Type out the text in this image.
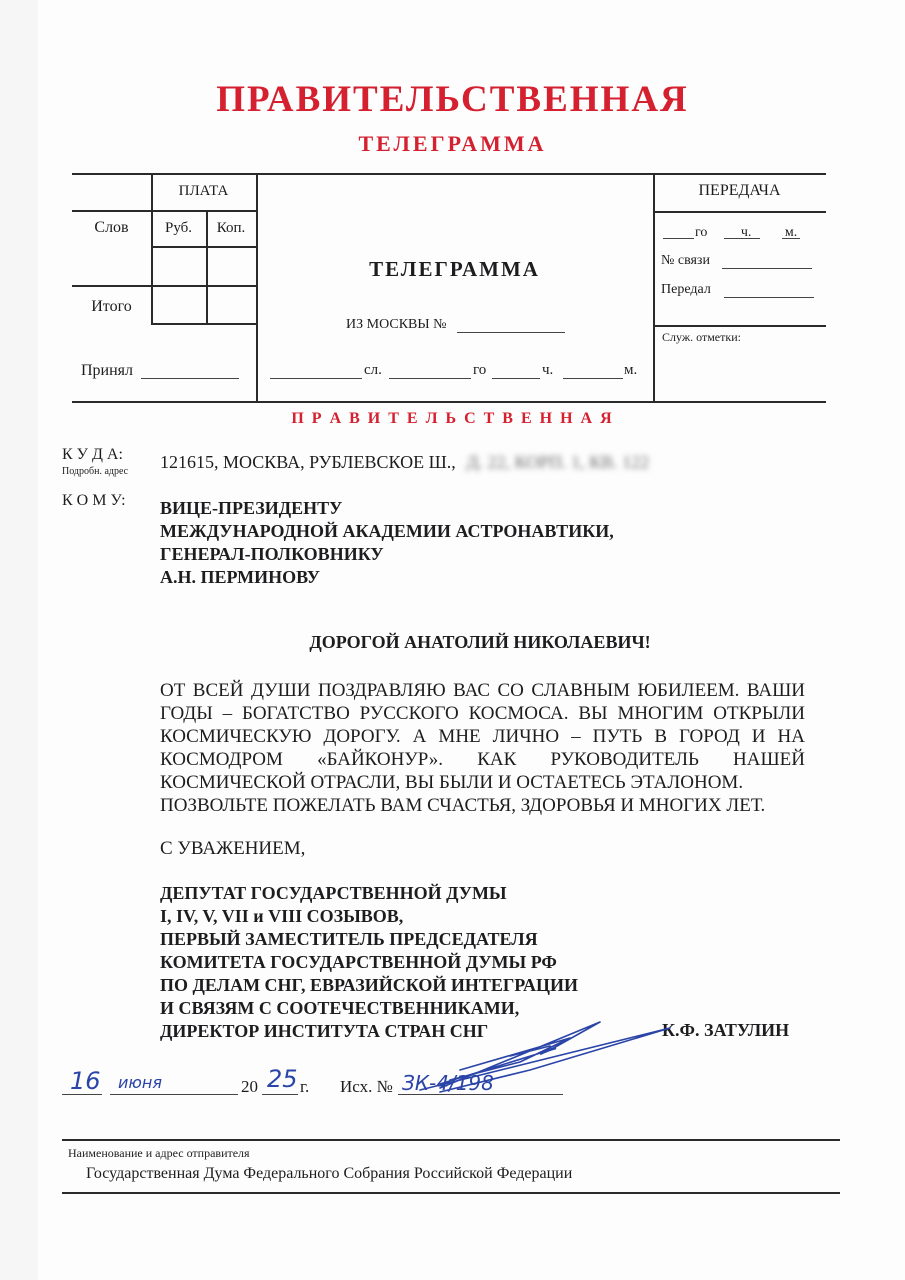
ПРАВИТЕЛЬСТВЕННАЯ
ТЕЛЕГРАММА
ПЛАТА
Слов	Руб.	Коп.
Итого
Принял
ТЕЛЕГРАММА
ИЗ МОСКВЫ №
сл.	го	ч.	м.
ПЕРЕДАЧА
го ч. м.
№ связи
Передал
Служ. отметки:
П Р А В И Т Е Л Ь С Т В Е Н Н А Я
К У Д А:
Подробн. адрес 121615, МОСКВА, РУБЛЕВСКОЕ Ш., Д. 22, КОРП. 1, КВ. 122
К О М У: ВИЦЕ-ПРЕЗИДЕНТУ
МЕЖДУНАРОДНОЙ АКАДЕМИИ АСТРОНАВТИКИ,
ГЕНЕРАЛ-ПОЛКОВНИКУ
А.Н. ПЕРМИНОВУ
ДОРОГОЙ АНАТОЛИЙ НИКОЛАЕВИЧ!
ОТ ВСЕЙ ДУШИ ПОЗДРАВЛЯЮ ВАС СО СЛАВНЫМ ЮБИЛЕЕМ. ВАШИ ГОДЫ – БОГАТСТВО РУССКОГО КОСМОСА. ВЫ МНОГИМ ОТКРЫЛИ КОСМИЧЕСКУЮ ДОРОГУ. А МНЕ ЛИЧНО – ПУТЬ В ГОРОД И НА КОСМОДРОМ «БАЙКОНУР». КАК РУКОВОДИТЕЛЬ НАШЕЙ КОСМИЧЕСКОЙ ОТРАСЛИ, ВЫ БЫЛИ И ОСТАЕТЕСЬ ЭТАЛОНОМ.
ПОЗВОЛЬТЕ ПОЖЕЛАТЬ ВАМ СЧАСТЬЯ, ЗДОРОВЬЯ И МНОГИХ ЛЕТ.
С УВАЖЕНИЕМ,
ДЕПУТАТ ГОСУДАРСТВЕННОЙ ДУМЫ
I, IV, V, VII и VIII СОЗЫВОВ,
ПЕРВЫЙ ЗАМЕСТИТЕЛЬ ПРЕДСЕДАТЕЛЯ
КОМИТЕТА ГОСУДАРСТВЕННОЙ ДУМЫ РФ
ПО ДЕЛАМ СНГ, ЕВРАЗИЙСКОЙ ИНТЕГРАЦИИ
И СВЯЗЯМ С СООТЕЧЕСТВЕННИКАМИ,
ДИРЕКТОР ИНСТИТУТА СТРАН СНГ	К.Ф. ЗАТУЛИН
16 июня	20 25 г. Исх. № ЗК-4/198
Наименование и адрес отправителя
Государственная Дума Федерального Собрания Российской Федерации
